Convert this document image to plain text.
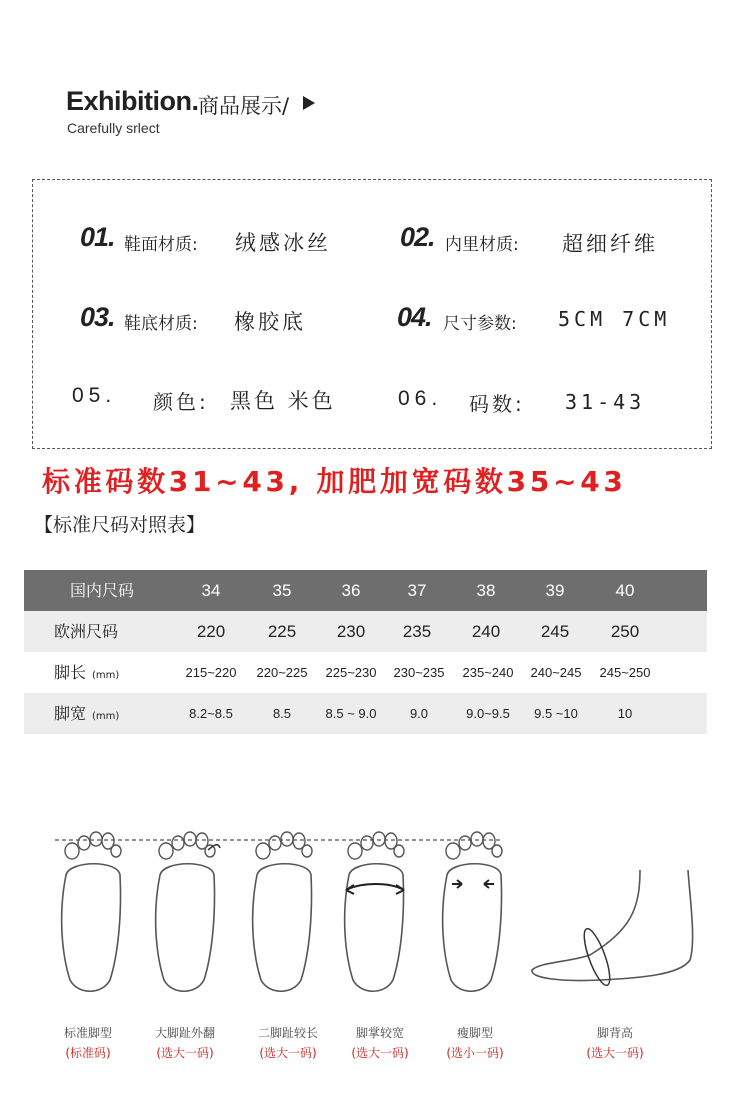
Exhibition. 商品展示/
Carefully srlect
01. 鞋面材质: 绒感冰丝	02. 内里材质: 超细纤维
03. 鞋底材质: 橡胶底	04. 尺寸参数: 5CM 7CM
05. 颜色: 黑色 米色	06. 码数: 31-43
标准码数31~43, 加肥加宽码数35~43
【标准尺码对照表】
国内尺码	34	35	36	37	38	39	40
欧洲尺码	220	225	230	235	240	245	250
脚长 (mm)	215~220	220~225	225~230	230~235	235~240	240~245	245~250
脚宽 (mm)	8.2~8.5	8.5	8.5 ~ 9.0	9.0	9.0~9.5	9.5 ~10	10
标准脚型
(标准码)
大脚趾外翻
(选大一码)
二脚趾较长
(选大一码)
脚掌较宽
(选大一码)
瘦脚型
(选小一码)
脚背高
(选大一码)
